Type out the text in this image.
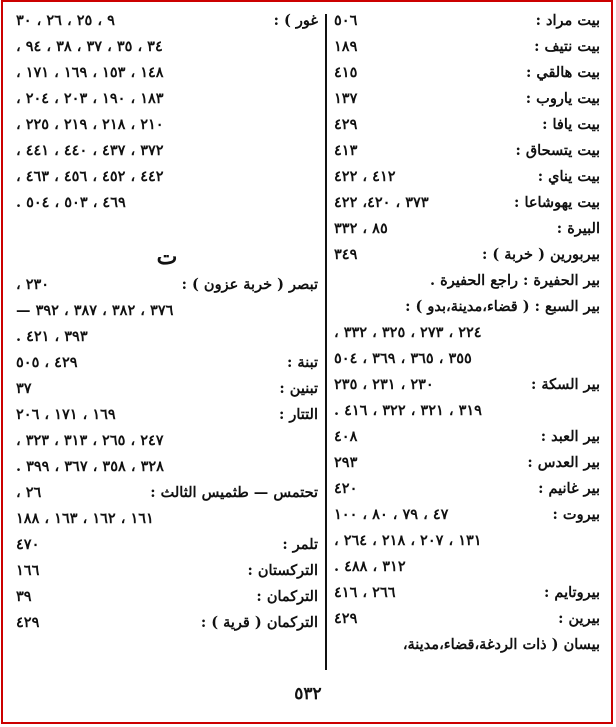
بيت مراد :
٥٠٦
بيت نتيف :
١٨٩
بيت هالقي :
٤١٥
بيت ياروب :
١٣٧
بيت يافا :
٤٢٩
بيت يتسحاق :
٤١٣
بيت يناي :
٤١٢ ، ٤٢٢
بيت يهوشاعا :
٣٧٣ ، ٤٢٠، ٤٢٢
البيرة :
٨٥ ، ٣٣٢
بيربورين ( خربة ) :
٣٤٩
بير الحفيرة : راجع الحفيرة .
بير السبع : ( قضاء،مدينة،بدو ) :
٢٢٤ ، ٢٧٣ ، ٣٢٥ ، ٣٣٢ ،
٣٥٥ ، ٣٦٥ ، ٣٦٩ ، ٥٠٤
بير السكة :
٢٣٠ ، ٢٣١ ، ٢٣٥
٣١٩ ، ٣٢١ ، ٣٢٢ ، ٤١٦ .
بير العبد :
٤٠٨
بير العدس :
٢٩٣
بير غانيم :
٤٢٠
بيروت :
٤٧ ، ٧٩ ، ٨٠ ، ١٠٠
١٣١ ، ٢٠٧ ، ٢١٨ ، ٢٦٤ ،
٣١٢ ، ٤٨٨ .
بيروتايم :
٢٦٦ ، ٤١٦
بيرين :
٤٢٩
بيسان ( ذات الردغة،قضاء،مدينة،
غور ) :
٩ ، ٢٥ ، ٢٦ ، ٣٠
٣٤ ، ٣٥ ، ٣٧ ، ٣٨ ، ٩٤ ،
١٤٨ ، ١٥٣ ، ١٦٩ ، ١٧١ ،
١٨٣ ، ١٩٠ ، ٢٠٣ ، ٢٠٤ ،
٢١٠ ، ٢١٨ ، ٢١٩ ، ٢٢٥ ،
٣٧٢ ، ٤٣٧ ، ٤٤٠ ، ٤٤١ ،
٤٤٢ ، ٤٥٢ ، ٤٥٦ ، ٤٦٣ ،
٤٦٩ ، ٥٠٣ ، ٥٠٤ .
ت
تبصر ( خربة عزون ) :
٢٣٠ ،
٣٧٦ ، ٣٨٢ ، ٣٨٧ ، ٣٩٢ —
٣٩٣ ، ٤٢١ .
تبنة :
٤٢٩ ، ٥٠٥
تبنين :
٣٧
التتار :
١٦٩ ، ١٧١ ، ٢٠٦
٢٤٧ ، ٢٦٥ ، ٣١٣ ، ٣٢٣ ،
٣٢٨ ، ٣٥٨ ، ٣٦٧ ، ٣٩٩ .
تحتمس — طثميس الثالث :
٢٦ ،
١٦١ ، ١٦٢ ، ١٦٣ ، ١٨٨
تلمر :
٤٧٠
التركستان :
١٦٦
التركمان :
٣٩
التركمان ( قرية ) :
٤٢٩
٥٣٢
